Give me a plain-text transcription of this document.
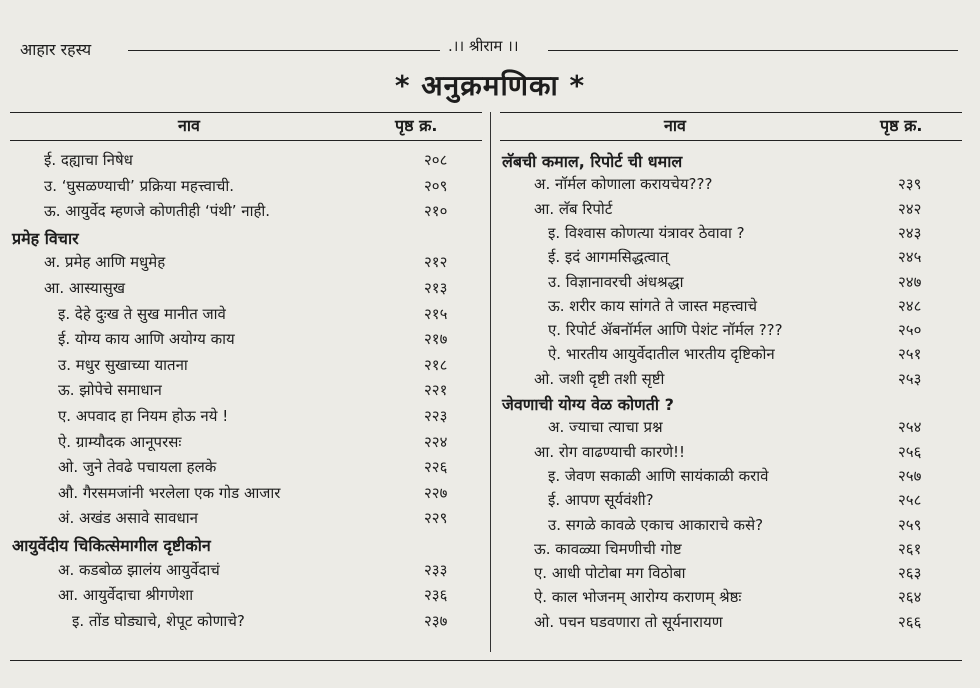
आहार रहस्य	.।। श्रीराम ।।
* अनुक्रमणिका *
नाव	पृष्ठ क्र.	नाव	पृष्ठ क्र.
ई. दह्याचा निषेध	२०८
उ. ‘घुसळण्याची’ प्रक्रिया महत्त्वाची.	२०९
ऊ. आयुर्वेद म्हणजे कोणतीही ‘पंथी’ नाही.	२१०
प्रमेह विचार
अ. प्रमेह आणि मधुमेह	२१२
आ. आस्यासुख	२१३
इ. देहे दुःख ते सुख मानीत जावे	२१५
ई. योग्य काय आणि अयोग्य काय	२१७
उ. मधुर सुखाच्या यातना	२१८
ऊ. झोपेचे समाधान	२२१
ए. अपवाद हा नियम होऊ नये !	२२३
ऐ. ग्राम्यौदक आनूपरसः	२२४
ओ. जुने तेवढे पचायला हलके	२२६
औ. गैरसमजांनी भरलेला एक गोड आजार	२२७
अं. अखंड असावे सावधान	२२९
आयुर्वेदीय चिकित्सेमागील दृष्टीकोन
अ. कडबोळ झालंय आयुर्वेदाचं	२३३
आ. आयुर्वेदाचा श्रीगणेशा	२३६
इ. तोंड घोड्याचे, शेपूट कोणाचे?	२३७
लॅबची कमाल, रिपोर्ट ची धमाल
अ. नॉर्मल कोणाला करायचेय???	२३९
आ. लॅब रिपोर्ट	२४२
इ. विश्वास कोणत्या यंत्रावर ठेवावा ?	२४३
ई. इदं आगमसिद्धत्वात्	२४५
उ. विज्ञानावरची अंधश्रद्धा	२४७
ऊ. शरीर काय सांगते ते जास्त महत्त्वाचे	२४८
ए. रिपोर्ट ॲबनॉर्मल आणि पेशंट नॉर्मल ???	२५०
ऐ. भारतीय आयुर्वेदातील भारतीय दृष्टिकोन	२५१
ओ. जशी दृष्टी तशी सृष्टी	२५३
जेवणाची योग्य वेळ कोणती ?
अ. ज्याचा त्याचा प्रश्न	२५४
आ. रोग वाढण्याची कारणे!!	२५६
इ. जेवण सकाळी आणि सायंकाळी करावे	२५७
ई. आपण सूर्यवंशी?	२५८
उ. सगळे कावळे एकाच आकाराचे कसे?	२५९
ऊ. कावळ्या चिमणीची गोष्ट	२६१
ए. आधी पोटोबा मग विठोबा	२६३
ऐ. काल भोजनम् आरोग्य कराणम् श्रेष्ठः	२६४
ओ. पचन घडवणारा तो सूर्यनारायण	२६६
